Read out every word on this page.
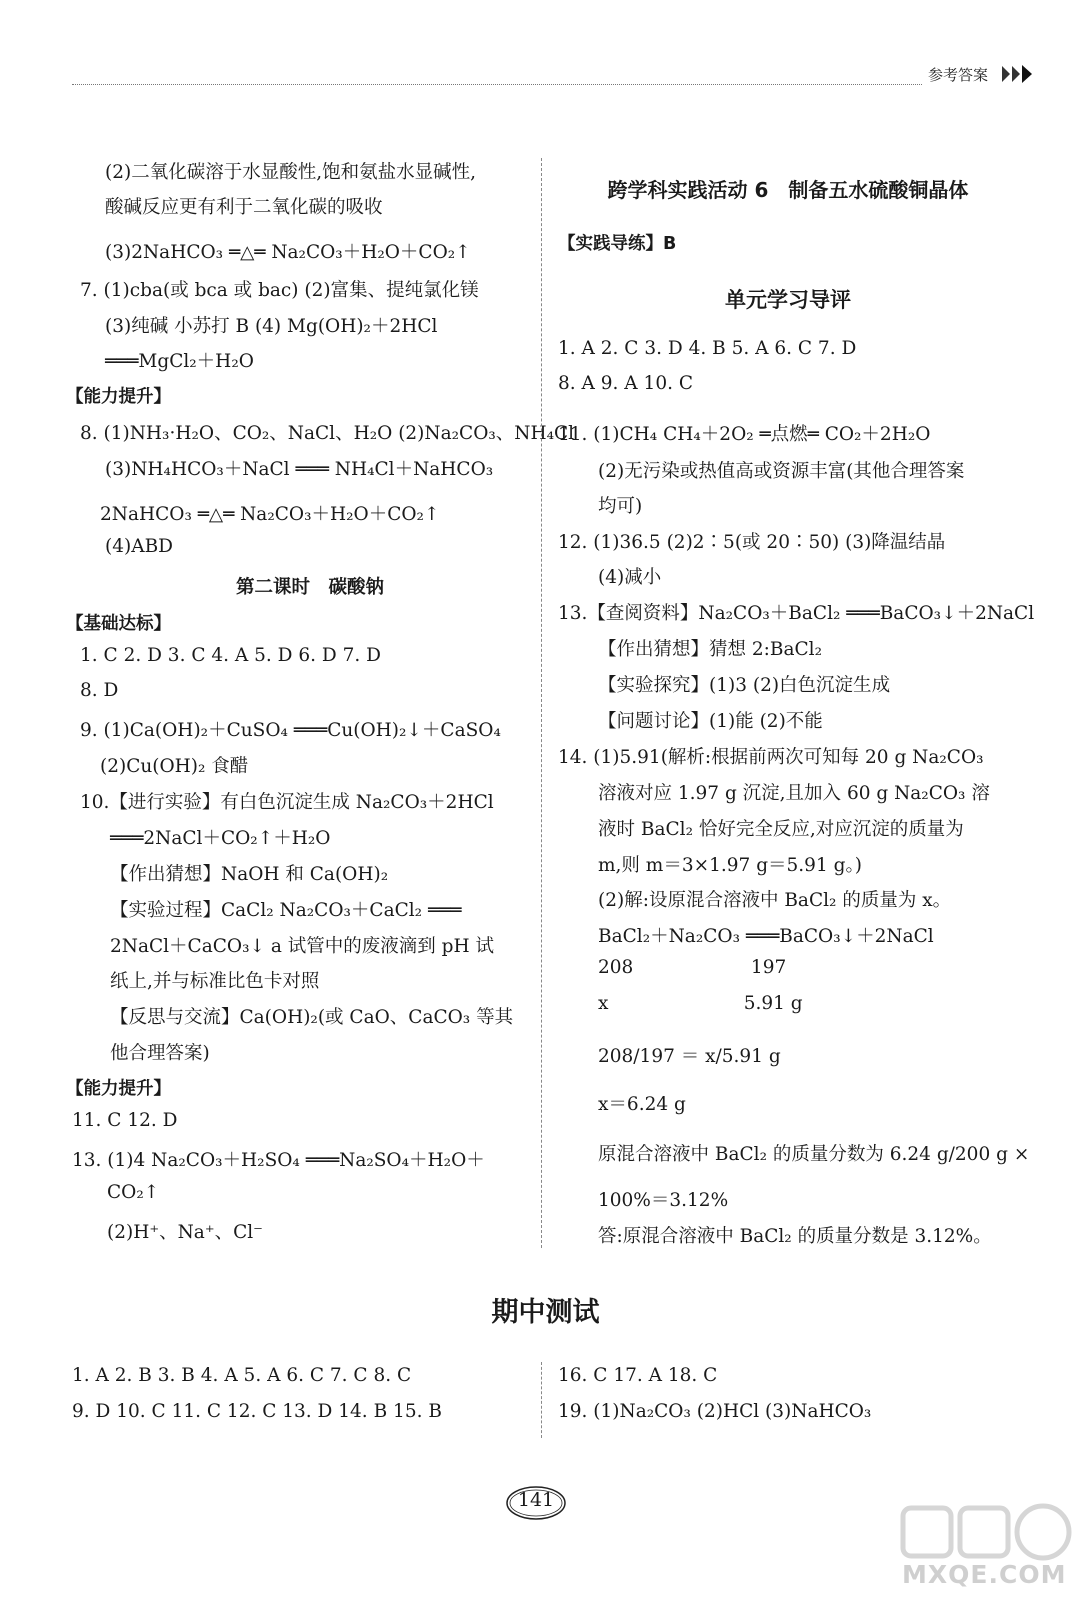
参考答案
(2)二氧化碳溶于水显酸性,饱和氨盐水显碱性,
酸碱反应更有利于二氧化碳的吸收
(3)2NaHCO₃ ═△═ Na₂CO₃＋H₂O＋CO₂↑
7. (1)cba(或 bca 或 bac) (2)富集、提纯氯化镁
(3)纯碱 小苏打 B (4) Mg(OH)₂＋2HCl
═══MgCl₂＋H₂O
【能力提升】
8. (1)NH₃·H₂O、CO₂、NaCl、H₂O (2)Na₂CO₃、NH₄Cl
(3)NH₄HCO₃＋NaCl ═══ NH₄Cl＋NaHCO₃
2NaHCO₃ ═△═ Na₂CO₃＋H₂O＋CO₂↑
(4)ABD
第二课时　碳酸钠
【基础达标】
1. C 2. D 3. C 4. A 5. D 6. D 7. D
8. D
9. (1)Ca(OH)₂＋CuSO₄ ═══Cu(OH)₂↓＋CaSO₄
(2)Cu(OH)₂ 食醋
10.【进行实验】有白色沉淀生成 Na₂CO₃＋2HCl
═══2NaCl＋CO₂↑＋H₂O
【作出猜想】NaOH 和 Ca(OH)₂
【实验过程】CaCl₂ Na₂CO₃＋CaCl₂ ═══
2NaCl＋CaCO₃↓ a 试管中的废液滴到 pH 试
纸上,并与标准比色卡对照
【反思与交流】Ca(OH)₂(或 CaO、CaCO₃ 等其
他合理答案)
【能力提升】
11. C 12. D
13. (1)4 Na₂CO₃＋H₂SO₄ ═══Na₂SO₄＋H₂O＋
CO₂↑
(2)H⁺、Na⁺、Cl⁻
跨学科实践活动 6　制备五水硫酸铜晶体
【实践导练】B
单元学习导评
1. A 2. C 3. D 4. B 5. A 6. C 7. D
8. A 9. A 10. C
11. (1)CH₄ CH₄＋2O₂ ═点燃═ CO₂＋2H₂O
(2)无污染或热值高或资源丰富(其他合理答案
均可)
12. (1)36.5 (2)2∶5(或 20∶50) (3)降温结晶
(4)减小
13.【查阅资料】Na₂CO₃＋BaCl₂ ═══BaCO₃↓＋2NaCl
【作出猜想】猜想 2:BaCl₂
【实验探究】(1)3 (2)白色沉淀生成
【问题讨论】(1)能 (2)不能
14. (1)5.91(解析:根据前两次可知每 20 g Na₂CO₃
溶液对应 1.97 g 沉淀,且加入 60 g Na₂CO₃ 溶
液时 BaCl₂ 恰好完全反应,对应沉淀的质量为
m,则 m＝3×1.97 g＝5.91 g。)
(2)解:设原混合溶液中 BaCl₂ 的质量为 x。
BaCl₂＋Na₂CO₃ ═══BaCO₃↓＋2NaCl
208                    197
x                       5.91 g
208/197 ＝ x/5.91 g
x＝6.24 g
原混合溶液中 BaCl₂ 的质量分数为 6.24 g/200 g ×
100%＝3.12%
答:原混合溶液中 BaCl₂ 的质量分数是 3.12%。
期中测试
1. A 2. B 3. B 4. A 5. A 6. C 7. C 8. C
9. D 10. C 11. C 12. C 13. D 14. B 15. B
16. C 17. A 18. C
19. (1)Na₂CO₃ (2)HCl (3)NaHCO₃
141
MXQE.COM
